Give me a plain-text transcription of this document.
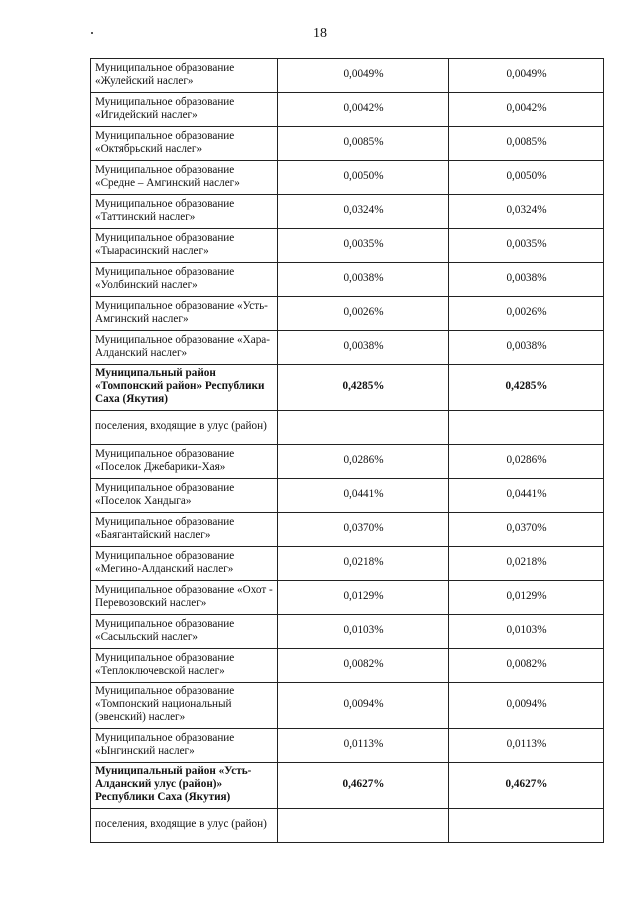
18
Муниципальное образование «Жулейский наслег»	0,0049%	0,0049%
Муниципальное образование «Игидейский наслег»	0,0042%	0,0042%
Муниципальное образование «Октябрьский наслег»	0,0085%	0,0085%
Муниципальное образование «Средне – Амгинский наслег»	0,0050%	0,0050%
Муниципальное образование «Таттинский наслег»	0,0324%	0,0324%
Муниципальное образование «Тыарасинский наслег»	0,0035%	0,0035%
Муниципальное образование «Уолбинский наслег»	0,0038%	0,0038%
Муниципальное образование «Усть-Амгинский наслег»	0,0026%	0,0026%
Муниципальное образование «Хара-Алданский наслег»	0,0038%	0,0038%
Муниципальный район «Томпонский район» Республики Саха (Якутия)	0,4285%	0,4285%
поселения, входящие в улус (район)		
Муниципальное образование «Поселок Джебарики-Хая»	0,0286%	0,0286%
Муниципальное образование «Поселок Хандыга»	0,0441%	0,0441%
Муниципальное образование «Баягантайский наслег»	0,0370%	0,0370%
Муниципальное образование «Мегино-Алданский наслег»	0,0218%	0,0218%
Муниципальное образование «Охот - Перевозовский наслег»	0,0129%	0,0129%
Муниципальное образование «Сасыльский наслег»	0,0103%	0,0103%
Муниципальное образование «Теплоключевской наслег»	0,0082%	0,0082%
Муниципальное образование «Томпонский национальный (эвенский) наслег»	0,0094%	0,0094%
Муниципальное образование «Ынгинский наслег»	0,0113%	0,0113%
Муниципальный район «Усть-Алданский улус (район)» Республики Саха (Якутия)	0,4627%	0,4627%
поселения, входящие в улус (район)		
